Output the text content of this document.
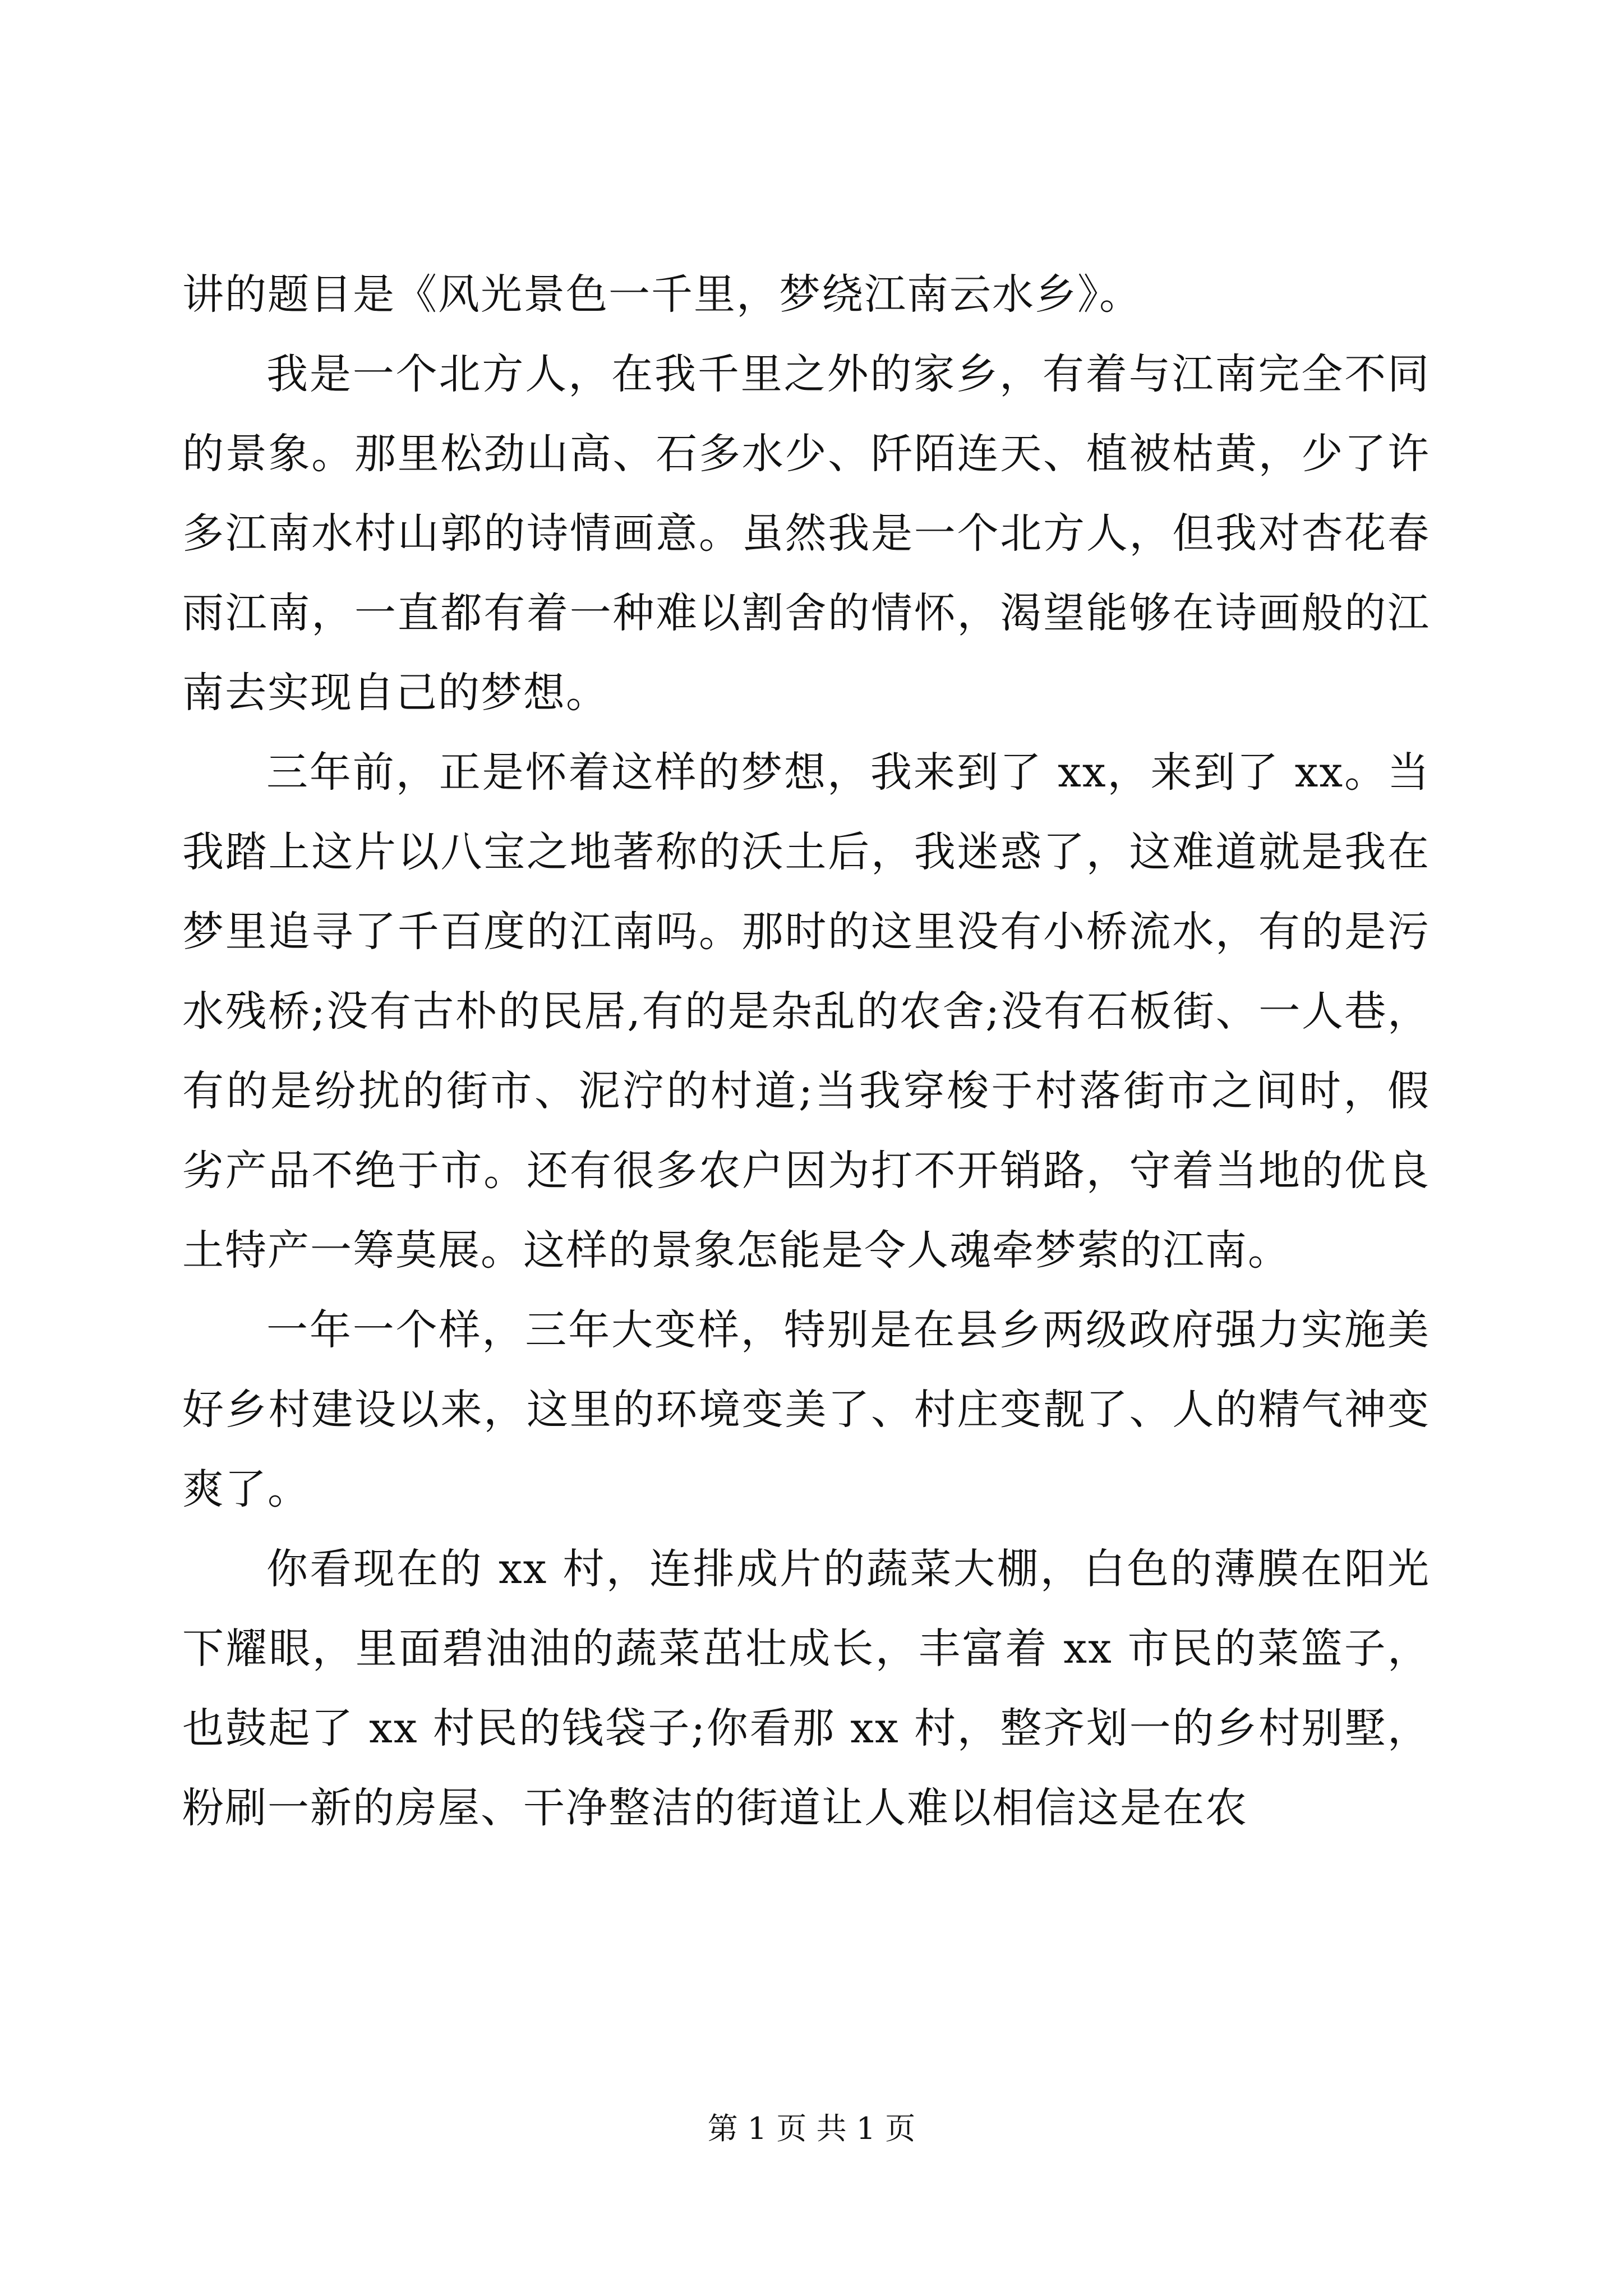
讲的题目是《风光景色一千里，梦绕江南云水乡》。

我是一个北方人，在我千里之外的家乡，有着与江南完全不同的景象。那里松劲山高、石多水少、阡陌连天、植被枯黄，少了许多江南水村山郭的诗情画意。虽然我是一个北方人，但我对杏花春雨江南，一直都有着一种难以割舍的情怀，渴望能够在诗画般的江南去实现自己的梦想。

三年前，正是怀着这样的梦想，我来到了 xx，来到了 xx。当我踏上这片以八宝之地著称的沃土后，我迷惑了，这难道就是我在梦里追寻了千百度的江南吗。那时的这里没有小桥流水，有的是污水残桥;没有古朴的民居,有的是杂乱的农舍;没有石板街、一人巷，有的是纷扰的街市、泥泞的村道;当我穿梭于村落街市之间时，假劣产品不绝于市。还有很多农户因为打不开销路，守着当地的优良土特产一筹莫展。这样的景象怎能是令人魂牵梦萦的江南。

一年一个样，三年大变样，特别是在县乡两级政府强力实施美好乡村建设以来，这里的环境变美了、村庄变靓了、人的精气神变爽了。

你看现在的 xx 村，连排成片的蔬菜大棚，白色的薄膜在阳光下耀眼，里面碧油油的蔬菜茁壮成长，丰富着 xx 市民的菜篮子，也鼓起了 xx 村民的钱袋子;你看那 xx 村，整齐划一的乡村别墅，粉刷一新的房屋、干净整洁的街道让人难以相信这是在农

第 1 页 共 1 页
